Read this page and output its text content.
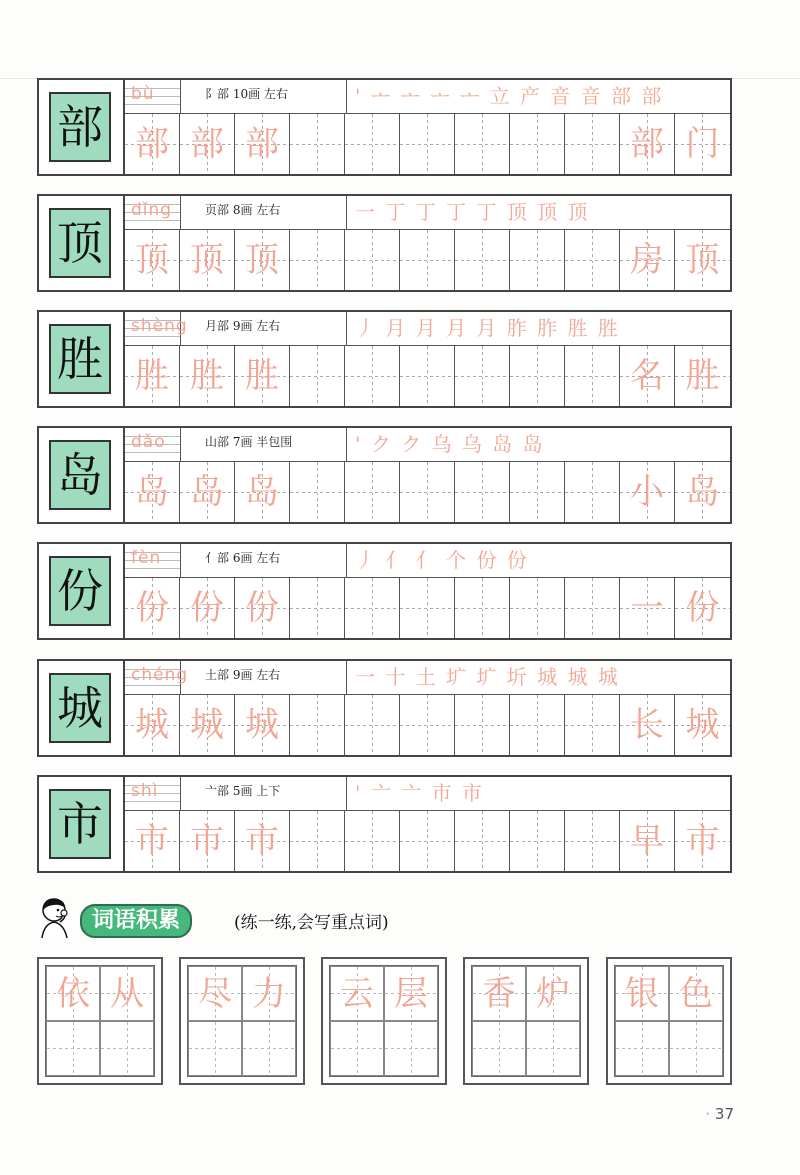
部
bù	阝部 10画 左右	' ᅩ ᅩ ᅩ ᅩ 立 产 音 音 部 部
部 部 部	部 门
顶
dǐng	页部 8画 左右	一 丁 丁 丁 丁 顶 顶 顶
顶 顶 顶	房 顶
胜
shèng	月部 9画 左右	丿 月 月 月 月 胙 胙 胜 胜
胜 胜 胜	名 胜
岛
dǎo	山部 7画 半包围	' ク ク 乌 乌 岛 岛
岛 岛 岛	小 岛
份
fèn	亻部 6画 左右	丿 亻 亻 个 份 份
份 份 份	一 份
城
chéng	土部 9画 左右	一 十 土 圹 圹 圻 城 城 城
城 城 城	长 城
市
shì	亠部 5画 上下	' 亠 亠 市 市
市 市 市	早 市
词语积累	(练一练,会写重点词)
依 从 尽 力 云 层 香 炉 银 色
· 37
